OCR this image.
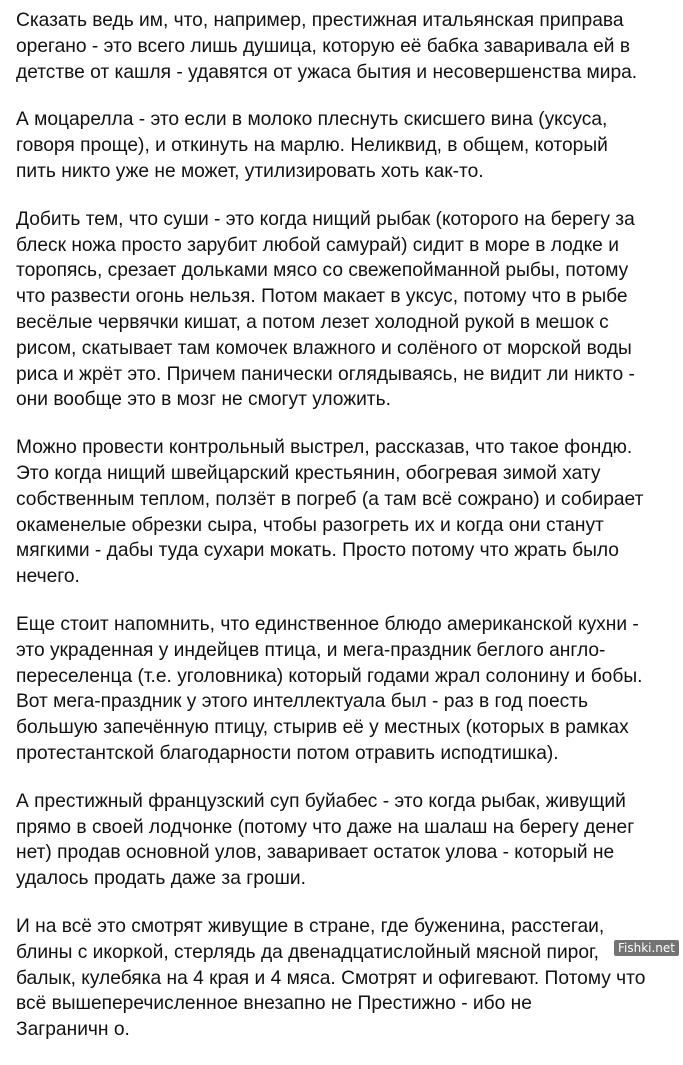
Сказать ведь им, что, например, престижная итальянская приправа
орегано - это всего лишь душица, которую её бабка заваривала ей в
детстве от кашля - удавятся от ужаса бытия и несовершенства мира.

А моцарелла - это если в молоко плеснуть скисшего вина (уксуса,
говоря проще), и откинуть на марлю. Неликвид, в общем, который
пить никто уже не может, утилизировать хоть как-то.

Добить тем, что суши - это когда нищий рыбак (которого на берегу за
блеск ножа просто зарубит любой самурай) сидит в море в лодке и
торопясь, срезает дольками мясо со свежепойманной рыбы, потому
что развести огонь нельзя. Потом макает в уксус, потому что в рыбе
весёлые червячки кишат, а потом лезет холодной рукой в мешок с
рисом, скатывает там комочек влажного и солёного от морской воды
риса и жрёт это. Причем панически оглядываясь, не видит ли никто -
они вообще это в мозг не смогут уложить.

Можно провести контрольный выстрел, рассказав, что такое фондю.
Это когда нищий швейцарский крестьянин, обогревая зимой хату
собственным теплом, ползёт в погреб (а там всё сожрано) и собирает
окаменелые обрезки сыра, чтобы разогреть их и когда они станут
мягкими - дабы туда сухари мокать. Просто потому что жрать было
нечего.

Еще стоит напомнить, что единственное блюдо американской кухни -
это украденная у индейцев птица, и мега-праздник беглого англо-
переселенца (т.е. уголовника) который годами жрал солонину и бобы.
Вот мега-праздник у этого интеллектуала был - раз в год поесть
большую запечённую птицу, стырив её у местных (которых в рамках
протестантской благодарности потом отравить исподтишка).

А престижный французский суп буйабес - это когда рыбак, живущий
прямо в своей лодчонке (потому что даже на шалаш на берегу денег
нет) продав основной улов, заваривает остаток улова - который не
удалось продать даже за гроши.

И на всё это смотрят живущие в стране, где буженина, расстегаи,
блины с икоркой, стерлядь да двенадцатислойный мясной пирог,
балык, кулебяка на 4 края и 4 мяса. Смотрят и офигевают. Потому что
всё вышеперечисленное внезапно не Престижно - ибо не
Заграничн о.

Fishki.net
